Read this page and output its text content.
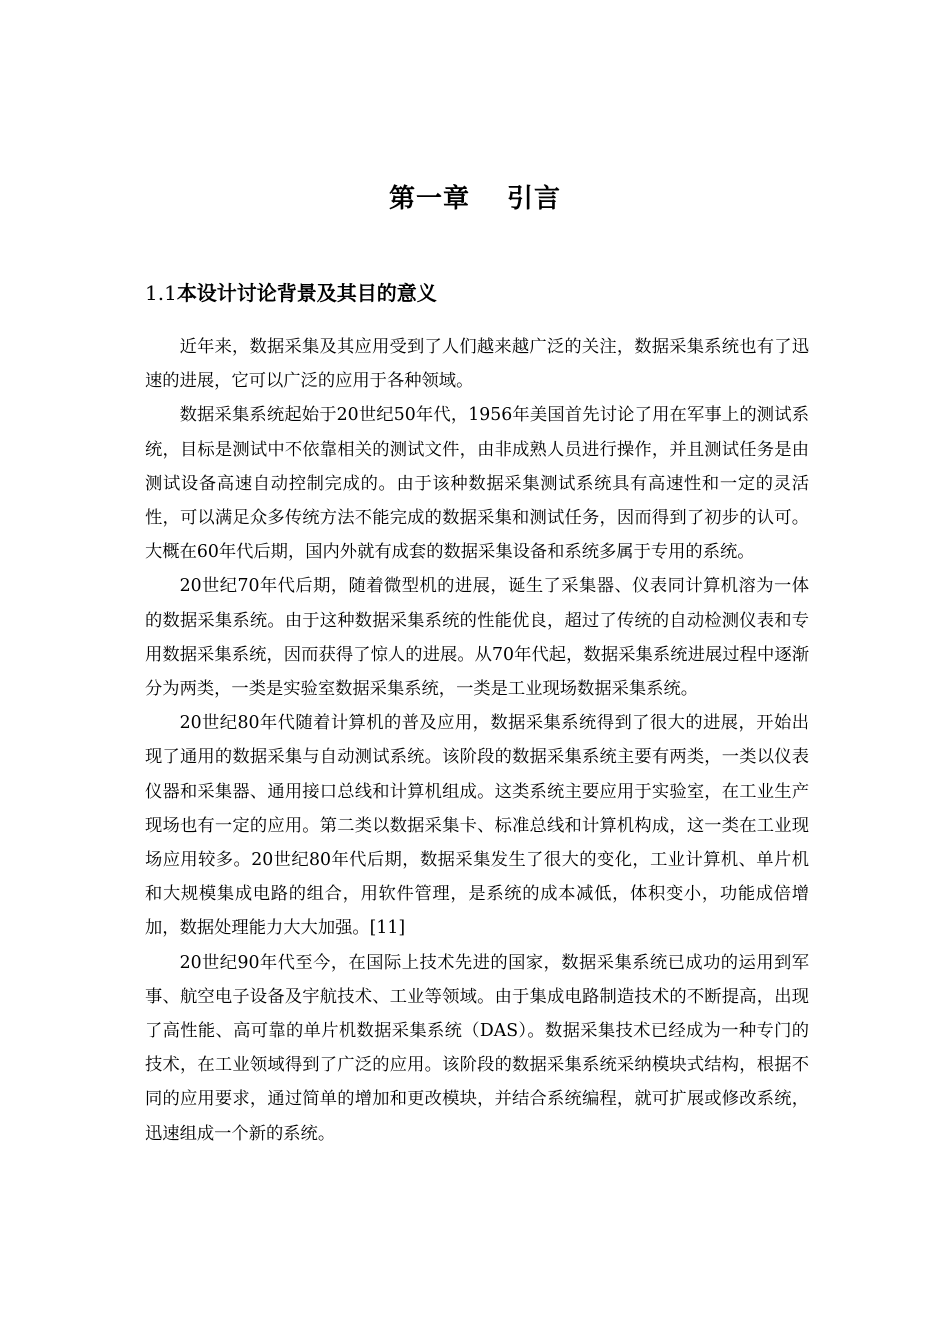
第一章　 引言
1.1本设计讨论背景及其目的意义

近年来，数据采集及其应用受到了人们越来越广泛的关注，数据采集系统也有了迅速的进展，它可以广泛的应用于各种领域。

数据采集系统起始于20世纪50年代，1956年美国首先讨论了用在军事上的测试系统，目标是测试中不依靠相关的测试文件，由非成熟人员进行操作，并且测试任务是由测试设备高速自动控制完成的。由于该种数据采集测试系统具有高速性和一定的灵活性，可以满足众多传统方法不能完成的数据采集和测试任务，因而得到了初步的认可。大概在60年代后期，国内外就有成套的数据采集设备和系统多属于专用的系统。

20世纪70年代后期，随着微型机的进展，诞生了采集器、仪表同计算机溶为一体的数据采集系统。由于这种数据采集系统的性能优良，超过了传统的自动检测仪表和专用数据采集系统，因而获得了惊人的进展。从70年代起，数据采集系统进展过程中逐渐分为两类，一类是实验室数据采集系统，一类是工业现场数据采集系统。

20世纪80年代随着计算机的普及应用，数据采集系统得到了很大的进展，开始出现了通用的数据采集与自动测试系统。该阶段的数据采集系统主要有两类，一类以仪表仪器和采集器、通用接口总线和计算机组成。这类系统主要应用于实验室，在工业生产现场也有一定的应用。第二类以数据采集卡、标准总线和计算机构成，这一类在工业现场应用较多。20世纪80年代后期，数据采集发生了很大的变化，工业计算机、单片机和大规模集成电路的组合，用软件管理，是系统的成本减低，体积变小，功能成倍增加，数据处理能力大大加强。[11]

20世纪90年代至今，在国际上技术先进的国家，数据采集系统已成功的运用到军事、航空电子设备及宇航技术、工业等领域。由于集成电路制造技术的不断提高，出现了高性能、高可靠的单片机数据采集系统（DAS）。数据采集技术已经成为一种专门的技术，在工业领域得到了广泛的应用。该阶段的数据采集系统采纳模块式结构，根据不同的应用要求，通过简单的增加和更改模块，并结合系统编程，就可扩展或修改系统，迅速组成一个新的系统。
